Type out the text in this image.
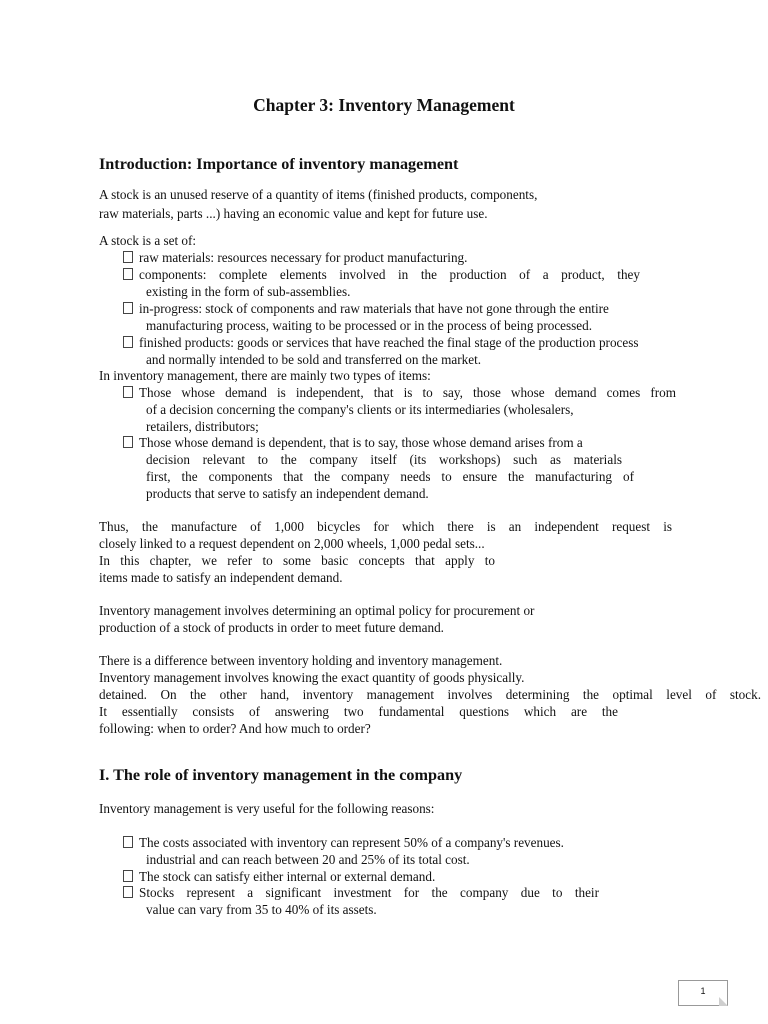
Chapter 3: Inventory Management
Introduction: Importance of inventory management
A stock is an unused reserve of a quantity of items (finished products, components,
raw materials, parts ...) having an economic value and kept for future use.
A stock is a set of:
raw materials: resources necessary for product manufacturing.
components: complete elements involved in the production of a product, they
existing in the form of sub-assemblies.
in-progress: stock of components and raw materials that have not gone through the entire
manufacturing process, waiting to be processed or in the process of being processed.
finished products: goods or services that have reached the final stage of the production process
and normally intended to be sold and transferred on the market.
In inventory management, there are mainly two types of items:
Those whose demand is independent, that is to say, those whose demand comes from
of a decision concerning the company's clients or its intermediaries (wholesalers,
retailers, distributors;
Those whose demand is dependent, that is to say, those whose demand arises from a
decision relevant to the company itself (its workshops) such as materials
first, the components that the company needs to ensure the manufacturing of
products that serve to satisfy an independent demand.
Thus, the manufacture of 1,000 bicycles for which there is an independent request is
closely linked to a request dependent on 2,000 wheels, 1,000 pedal sets...
In this chapter, we refer to some basic concepts that apply to
items made to satisfy an independent demand.
Inventory management involves determining an optimal policy for procurement or
production of a stock of products in order to meet future demand.
There is a difference between inventory holding and inventory management.
Inventory management involves knowing the exact quantity of goods physically.
detained. On the other hand, inventory management involves determining the optimal level of stock.
It essentially consists of answering two fundamental questions which are the
following: when to order? And how much to order?
I. The role of inventory management in the company
Inventory management is very useful for the following reasons:
The costs associated with inventory can represent 50% of a company's revenues.
industrial and can reach between 20 and 25% of its total cost.
The stock can satisfy either internal or external demand.
Stocks represent a significant investment for the company due to their
value can vary from 35 to 40% of its assets.
1
